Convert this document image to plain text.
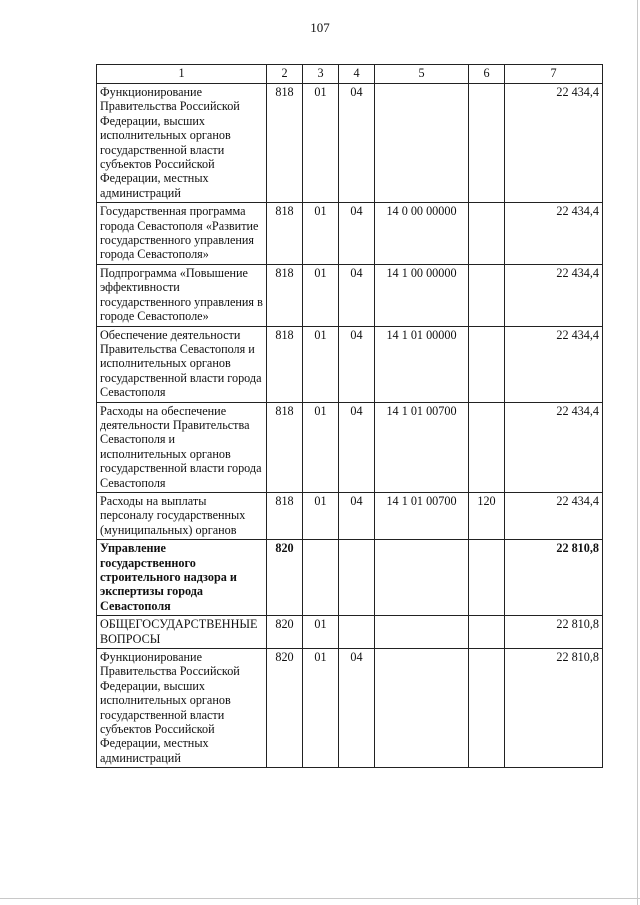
107
1	2	3	4	5	6	7
Функционирование Правительства Российской Федерации, высших исполнительных органов государственной власти субъектов Российской Федерации, местных администраций	818	01	04			22 434,4
Государственная программа города Севастополя «Развитие государственного управления города Севастополя»	818	01	04	14 0 00 00000		22 434,4
Подпрограмма «Повышение эффективности государственного управления в городе Севастополе»	818	01	04	14 1 00 00000		22 434,4
Обеспечение деятельности Правительства Севастополя и исполнительных органов государственной власти города Севастополя	818	01	04	14 1 01 00000		22 434,4
Расходы на обеспечение деятельности Правительства Севастополя и исполнительных органов государственной власти города Севастополя	818	01	04	14 1 01 00700		22 434,4
Расходы на выплаты персоналу государственных (муниципальных) органов	818	01	04	14 1 01 00700	120	22 434,4
Управление государственного строительного надзора и экспертизы города Севастополя	820					22 810,8
ОБЩЕГОСУДАРСТВЕННЫЕ ВОПРОСЫ	820	01				22 810,8
Функционирование Правительства Российской Федерации, высших исполнительных органов государственной власти субъектов Российской Федерации, местных администраций	820	01	04			22 810,8
